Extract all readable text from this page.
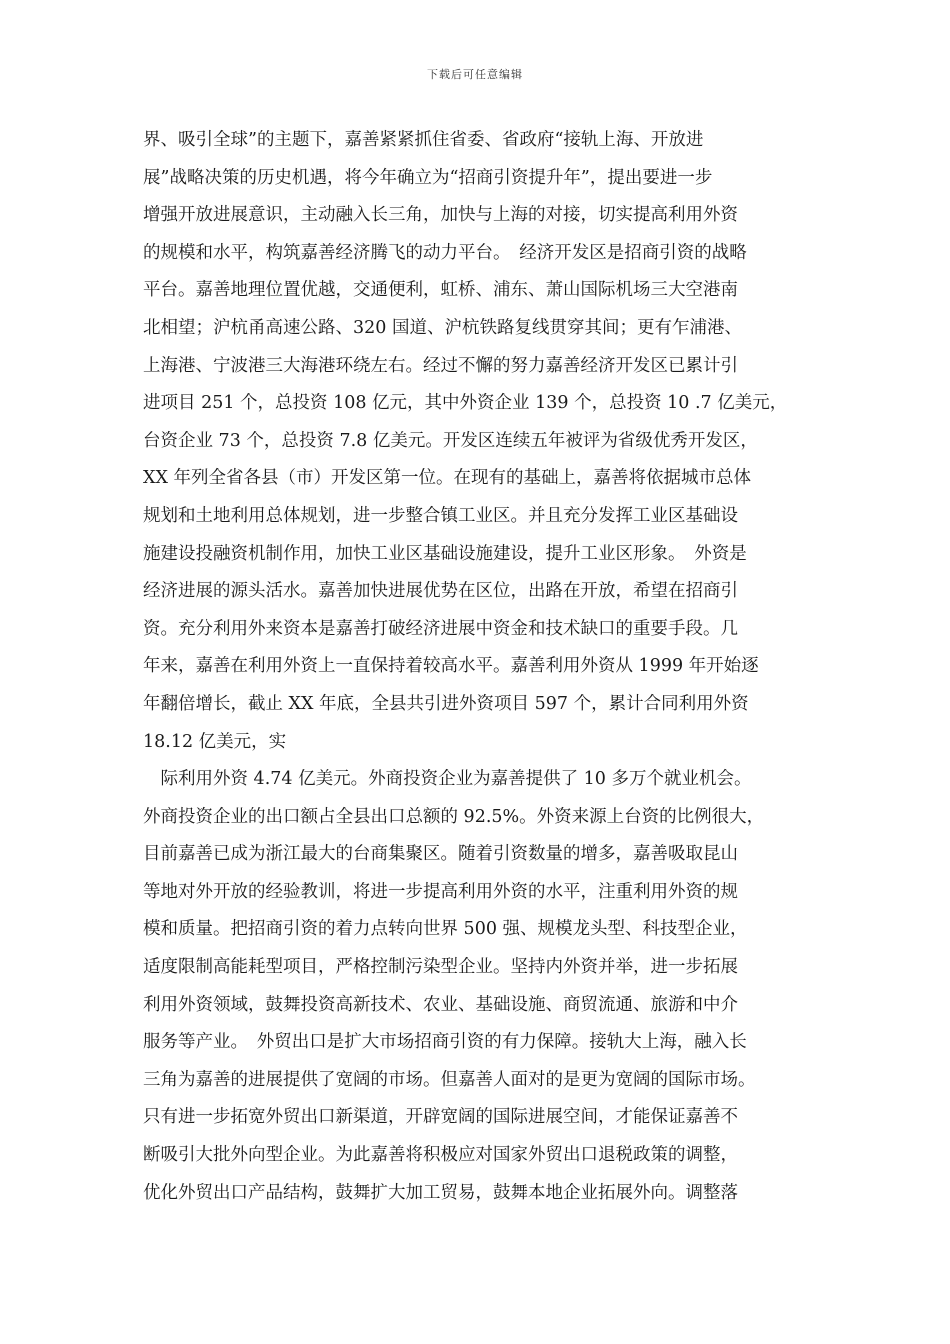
下载后可任意编辑
界、吸引全球”的主题下，嘉善紧紧抓住省委、省政府“接轨上海、开放进
展”战略决策的历史机遇，将今年确立为“招商引资提升年”，提出要进一步
增强开放进展意识，主动融入长三角，加快与上海的对接，切实提高利用外资
的规模和水平，构筑嘉善经济腾飞的动力平台。　经济开发区是招商引资的战略
平台。嘉善地理位置优越，交通便利，虹桥、浦东、萧山国际机场三大空港南
北相望；沪杭甬高速公路、320 国道、沪杭铁路复线贯穿其间；更有乍浦港、
上海港、宁波港三大海港环绕左右。经过不懈的努力嘉善经济开发区已累计引
进项目 251 个，总投资 108 亿元，其中外资企业 139 个，总投资 10 .7 亿美元，
台资企业 73 个，总投资 7.8 亿美元。开发区连续五年被评为省级优秀开发区，
XX 年列全省各县（市）开发区第一位。在现有的基础上，嘉善将依据城市总体
规划和土地利用总体规划，进一步整合镇工业区。并且充分发挥工业区基础设
施建设投融资机制作用，加快工业区基础设施建设，提升工业区形象。　外资是
经济进展的源头活水。嘉善加快进展优势在区位，出路在开放，希望在招商引
资。充分利用外来资本是嘉善打破经济进展中资金和技术缺口的重要手段。几
年来，嘉善在利用外资上一直保持着较高水平。嘉善利用外资从 1999 年开始逐
年翻倍增长，截止 XX 年底，全县共引进外资项目 597 个，累计合同利用外资
18.12 亿美元，实
　际利用外资 4.74 亿美元。外商投资企业为嘉善提供了 10 多万个就业机会。
外商投资企业的出口额占全县出口总额的 92.5%。外资来源上台资的比例很大，
目前嘉善已成为浙江最大的台商集聚区。随着引资数量的增多，嘉善吸取昆山
等地对外开放的经验教训，将进一步提高利用外资的水平，注重利用外资的规
模和质量。把招商引资的着力点转向世界 500 强、规模龙头型、科技型企业，
适度限制高能耗型项目，严格控制污染型企业。坚持内外资并举，进一步拓展
利用外资领域，鼓舞投资高新技术、农业、基础设施、商贸流通、旅游和中介
服务等产业。　外贸出口是扩大市场招商引资的有力保障。接轨大上海，融入长
三角为嘉善的进展提供了宽阔的市场。但嘉善人面对的是更为宽阔的国际市场。
只有进一步拓宽外贸出口新渠道，开辟宽阔的国际进展空间，才能保证嘉善不
断吸引大批外向型企业。为此嘉善将积极应对国家外贸出口退税政策的调整，
优化外贸出口产品结构，鼓舞扩大加工贸易，鼓舞本地企业拓展外向。调整落
